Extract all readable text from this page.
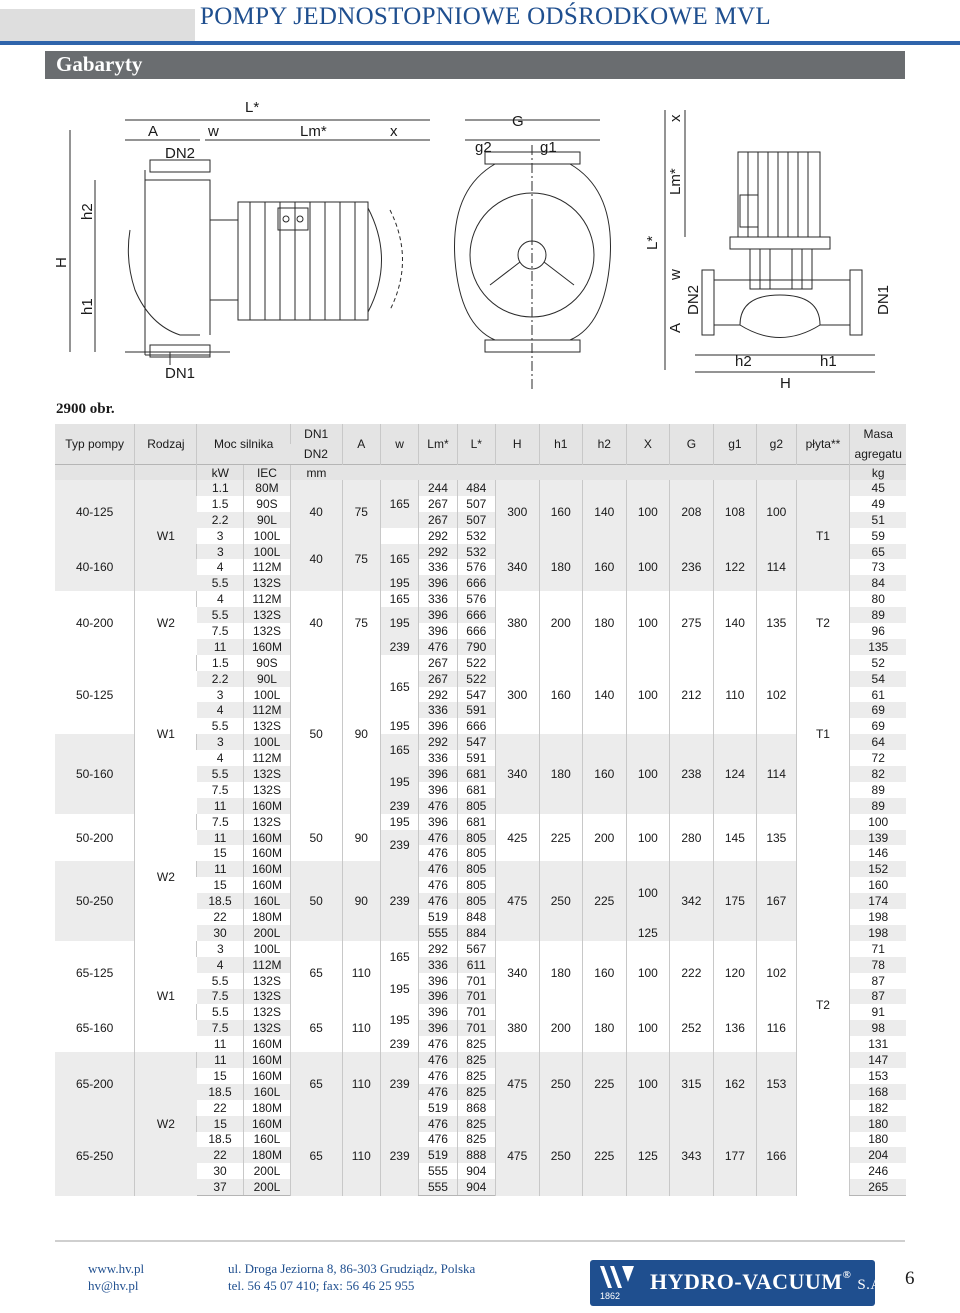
POMPY JEDNOSTOPNIOWE ODŚRODKOWE MVL
Gabaryty
L*
A	w	Lm*	x
DN2
DN1
H
h2
h1
G
g2	g1
x
Lm*
L*
w
DN2
A
DN1
h2	h1
H
2900 obr.
Typ pompy	Rodzaj	Moc silnika		DN1	A	w	Lm*	L*	H	h1	h2	X	G	g1	g2	płyta**	Masa
				DN2													agregatu
		kW	IEC	mm													kg
40-125	W1	1.1	80M	40	75	165	244	484	300	160	140	100	208	108	100	T1	45
		1.5	90S				267	507									49
		2.2	90L				267	507									51
		3	100L				292	532									59
40-160		3	100L	40	75	165	292	532	340	180	160	100	236	122	114		65
		4	112M				336	576									73
		5.5	132S			195	396	666									84
40-200	W2	4	112M	40	75	165	336	576	380	200	180	100	275	140	135	T2	80
		5.5	132S			195	396	666									89
		7.5	132S				396	666									96
		11	160M			239	476	790									135
50-125	W1	1.5	90S	50	90	165	267	522	300	160	140	100	212	110	102	T1	52
		2.2	90L				267	522									54
		3	100L				292	547									61
		4	112M				336	591									69
		5.5	132S			195	396	666									69
50-160		3	100L			165	292	547	340	180	160	100	238	124	114		64
		4	112M				336	591									72
		5.5	132S			195	396	681									82
		7.5	132S				396	681									89
		11	160M			239	476	805									89
50-200	W2	7.5	132S	50	90	195	396	681	425	225	200	100	280	145	135	T2	100
		11	160M			239	476	805									139
		15	160M				476	805									146
50-250		11	160M	50	90	239	476	805	475	250	225	100	342	175	167		152
		15	160M				476	805									160
		18.5	160L				476	805									174
		22	180M				519	848									198
		30	200L				555	884				125					198
65-125	W1	3	100L	65	110	165	292	567	340	180	160	100	222	120	102		71
		4	112M				336	611									78
		5.5	132S			195	396	701									87
		7.5	132S				396	701									87
65-160		5.5	132S	65	110	195	396	701	380	200	180	100	252	136	116		91
		7.5	132S				396	701									98
		11	160M			239	476	825									131
65-200	W2	11	160M	65	110	239	476	825	475	250	225	100	315	162	153		147
		15	160M				476	825									153
		18.5	160L				476	825									168
		22	180M				519	868									182
65-250		15	160M	65	110	239	476	825	475	250	225	125	343	177	166		180
		18.5	160L				476	825									180
		22	180M				519	888									204
		30	200L				555	904									246
		37	200L				555	904									265
www.hv.pl
hv@hv.pl
ul. Droga Jeziorna 8, 86-303 Grudziądz, Polska
tel. 56 45 07 410; fax: 56 46 25 955	HYDRO-VACUUM® S.A.
1862
6
